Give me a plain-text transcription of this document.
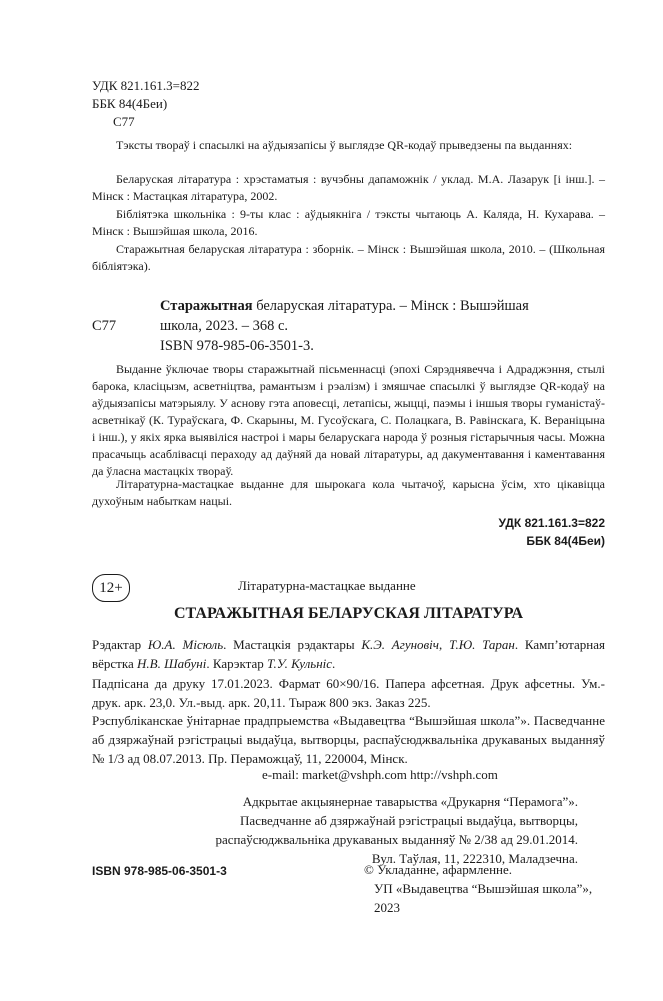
УДК 821.161.3=822
ББК 84(4Беи)
С77
Тэксты твораў і спасылкі на аўдыязапісы ў выглядзе QR-кодаў прыведзены па выданнях:
Беларуская літаратура : хрэстаматыя : вучэбны дапаможнік / уклад. М.А. Лазарук [і інш.]. – Мінск : Мастацкая літаратура, 2002.
Бібліятэка школьніка : 9-ты клас : аўдыякніга / тэксты чытаюць А. Каляда, Н. Кухарава. – Мінск : Вышэйшая школа, 2016.
Старажытная беларуская літаратура : зборнік. – Мінск : Вышэйшая школа, 2010. – (Школьная бібліятэка).
С77
Старажытная беларуская літаратура. – Мінск : Вышэйшая
школа, 2023. – 368 с.
ISBN 978-985-06-3501-3.
Выданне ўключае творы старажытнай пісьменнасці (эпохі Сярэднявечча і Адраджэння, стылі барока, класіцызм, асветніцтва, рамантызм і рэалізм) і змяшчае спасылкі ў выглядзе QR-кодаў на аўдыязапісы матэрыялу. У аснову гэта аповесці, летапісы, жыцці, паэмы і іншыя творы гуманістаў-асветнікаў (К. Тураўскага, Ф. Скарыны, М. Гусоўскага, С. Полацкага, В. Равінскага, К. Вераніцына і інш.), у якіх ярка выявіліся настроі і мары беларускага народа ў розныя гістарычныя часы. Можна прасачыць асаблівасці пераходу ад даўняй да новай літаратуры, ад дакументавання і каментавання да ўласна мастацкіх твораў.
Літаратурна-мастацкае выданне для шырокага кола чытачоў, карысна ўсім, хто цікавіцца духоўным набыткам нацыі.
УДК 821.161.3=822
ББК 84(4Беи)
12+	Літаратурна-мастацкае выданне
СТАРАЖЫТНАЯ БЕЛАРУСКАЯ ЛІТАРАТУРА
Рэдактар Ю.А. Місюль. Мастацкія рэдактары К.Э. Агуновіч, Т.Ю. Таран. Камп’ютарная вёрстка Н.В. Шабуні. Карэктар Т.У. Кульніс.
Падпісана да друку 17.01.2023. Фармат 60×90/16. Папера афсетная. Друк афсетны. Ум.-друк. арк. 23,0. Ул.-выд. арк. 20,11. Тыраж 800 экз. Заказ 225.
Рэспубліканскае ўнітарнае прадпрыемства «Выдавецтва “Вышэйшая школа”». Пасведчанне аб дзяржаўнай рэгістрацыі выдаўца, вытворцы, распаўсюджвальніка друкаваных выданняў № 1/3 ад 08.07.2013. Пр. Пераможцаў, 11, 220004, Мінск.
e-mail: market@vshph.com http://vshph.com

Адкрытае акцыянернае таварыства «Друкарня “Перамога”».

Пасведчанне аб дзяржаўнай рэгістрацыі выдаўца, вытворцы,

распаўсюджвальніка друкаваных выданняў № 2/38 ад 29.01.2014.

Вул. Таўлая, 11, 222310, Маладзечна.

ISBN 978-985-06-3501-3	© Укладанне, афармленне.

УП «Выдавецтва “Вышэйшая школа”»,

2023
